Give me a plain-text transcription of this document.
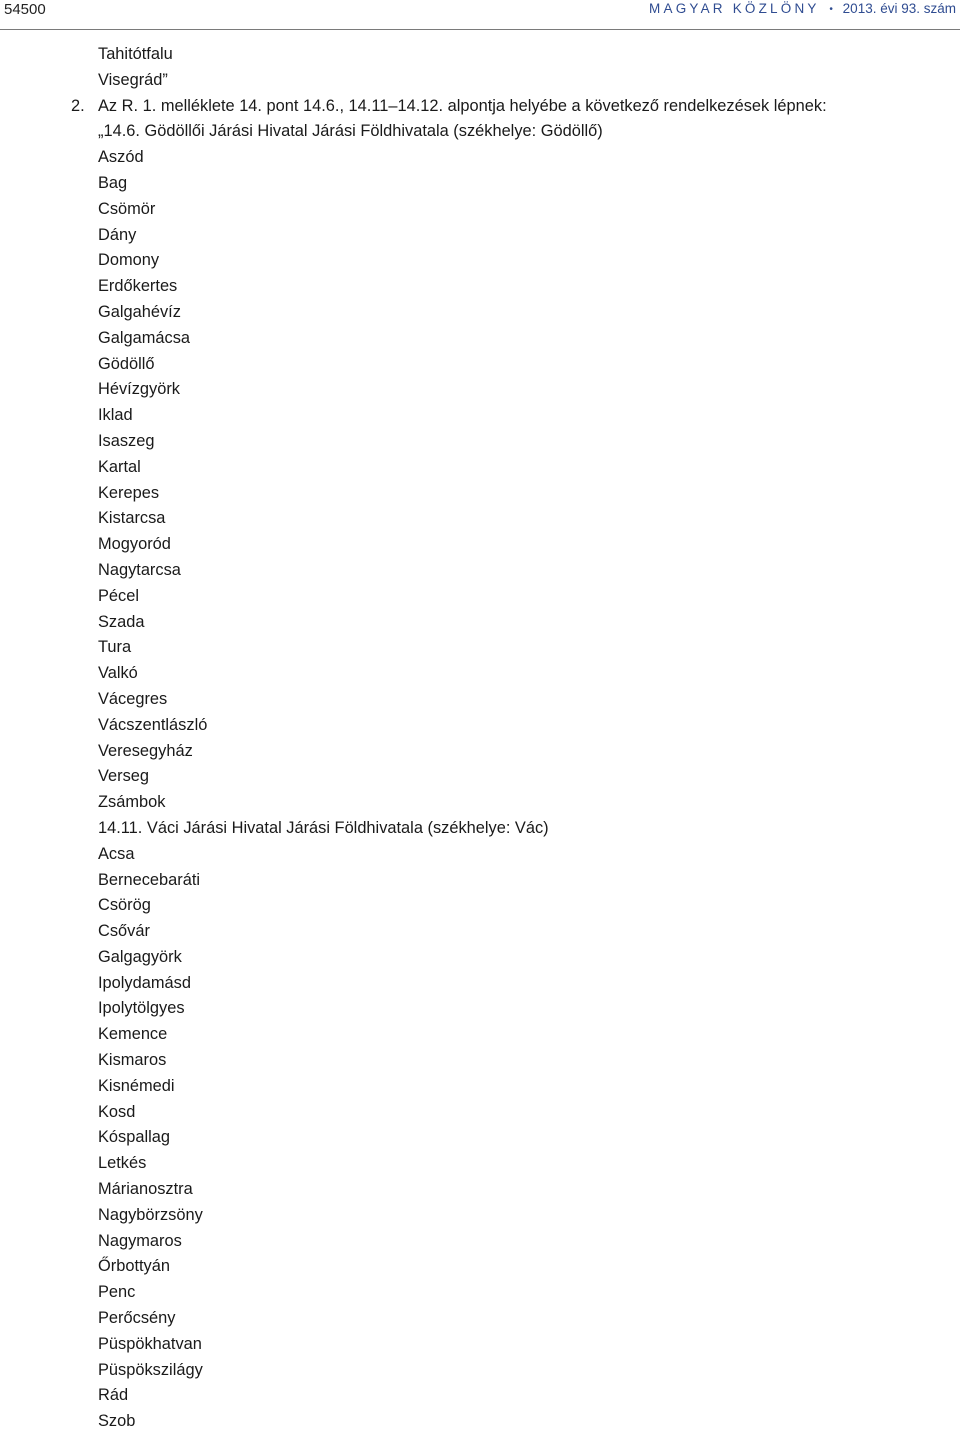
54500	MAGYAR KÖZLÖNY • 2013. évi 93. szám
Tahitótfalu
Visegrád”
2. Az R. 1. melléklete 14. pont 14.6., 14.11–14.12. alpontja helyébe a következő rendelkezések lépnek:
„14.6. Gödöllői Járási Hivatal Járási Földhivatala (székhelye: Gödöllő)
Aszód
Bag
Csömör
Dány
Domony
Erdőkertes
Galgahévíz
Galgamácsa
Gödöllő
Hévízgyörk
Iklad
Isaszeg
Kartal
Kerepes
Kistarcsa
Mogyoród
Nagytarcsa
Pécel
Szada
Tura
Valkó
Vácegres
Vácszentlászló
Veresegyház
Verseg
Zsámbok
14.11. Váci Járási Hivatal Járási Földhivatala (székhelye: Vác)
Acsa
Bernecebaráti
Csörög
Csővár
Galgagyörk
Ipolydamásd
Ipolytölgyes
Kemence
Kismaros
Kisnémedi
Kosd
Kóspallag
Letkés
Márianosztra
Nagybörzsöny
Nagymaros
Őrbottyán
Penc
Perőcsény
Püspökhatvan
Püspökszilágy
Rád
Szob
